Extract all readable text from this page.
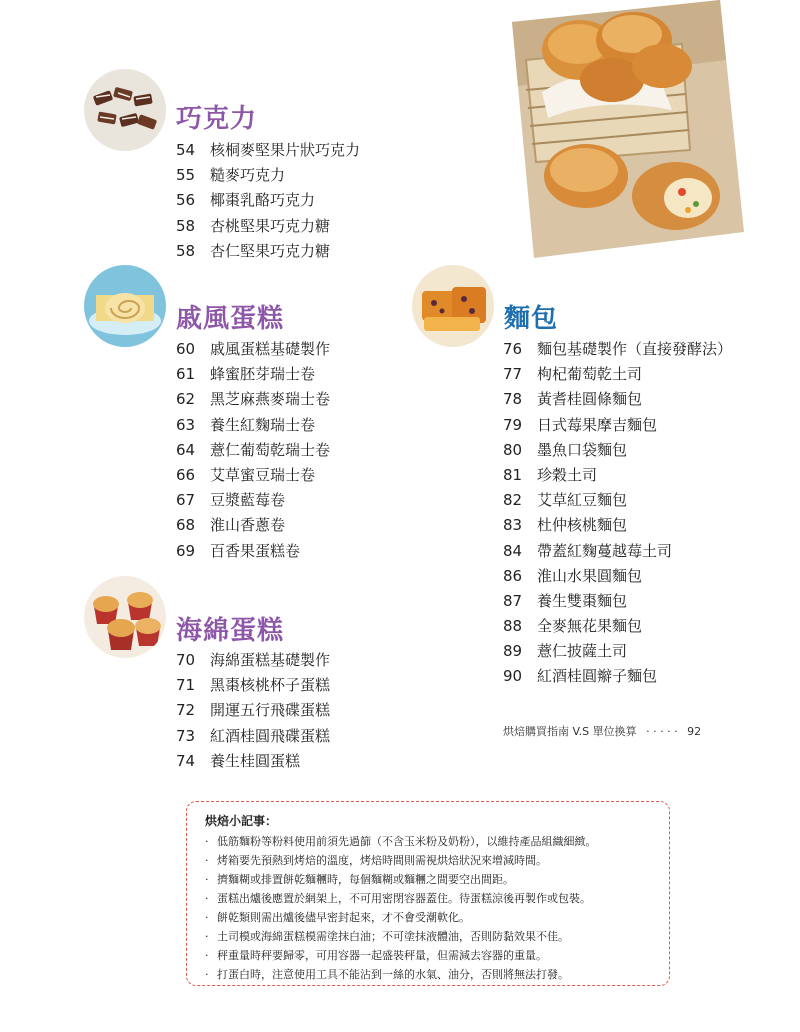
巧克力
54 核桐麥堅果片狀巧克力
55 糙麥巧克力
56 椰棗乳酪巧克力
58 杏桃堅果巧克力糖
58 杏仁堅果巧克力糖
戚風蛋糕
60 戚風蛋糕基礎製作
61 蜂蜜胚芽瑞士卷
62 黑芝麻燕麥瑞士卷
63 養生紅麴瑞士卷
64 薏仁葡萄乾瑞士卷
66 艾草蜜豆瑞士卷
67 豆漿藍莓卷
68 淮山香蔥卷
69 百香果蛋糕卷
海綿蛋糕
70 海綿蛋糕基礎製作
71 黑棗核桃杯子蛋糕
72 開運五行飛碟蛋糕
73 紅酒桂圓飛碟蛋糕
74 養生桂圓蛋糕
麵包
76 麵包基礎製作（直接發酵法）
77 枸杞葡萄乾土司
78 黃耆桂圓條麵包
79 日式莓果摩吉麵包
80 墨魚口袋麵包
81 珍穀土司
82 艾草紅豆麵包
83 杜仲核桃麵包
84 帶蓋紅麴蔓越莓土司
86 淮山水果圓麵包
87 養生雙棗麵包
88 全麥無花果麵包
89 薏仁披薩土司
90 紅酒桂圓辮子麵包
烘焙購買指南 V.S 單位換算 ‧ ‧ ‧ ‧ ‧ 92
烘焙小記事：
· 低筋麵粉等粉料使用前須先過篩（不含玉米粉及奶粉），以維持產品組織細緻。
· 烤箱要先預熱到烤焙的溫度，烤焙時間則需視烘焙狀況來增減時間。
· 擠麵糊或排置餅乾麵糰時，每個麵糊或麵糰之間要空出間距。
· 蛋糕出爐後應置於網架上，不可用密閉容器蓋住。待蛋糕涼後再製作或包裝。
· 餅乾類則需出爐後儘早密封起來，才不會受潮軟化。
· 土司模或海綿蛋糕模需塗抹白油；不可塗抹液體油，否則防黏效果不佳。
· 秤重量時秤要歸零，可用容器一起盛裝秤量，但需減去容器的重量。
· 打蛋白時，注意使用工具不能沾到一絲的水氣、油分，否則將無法打發。
